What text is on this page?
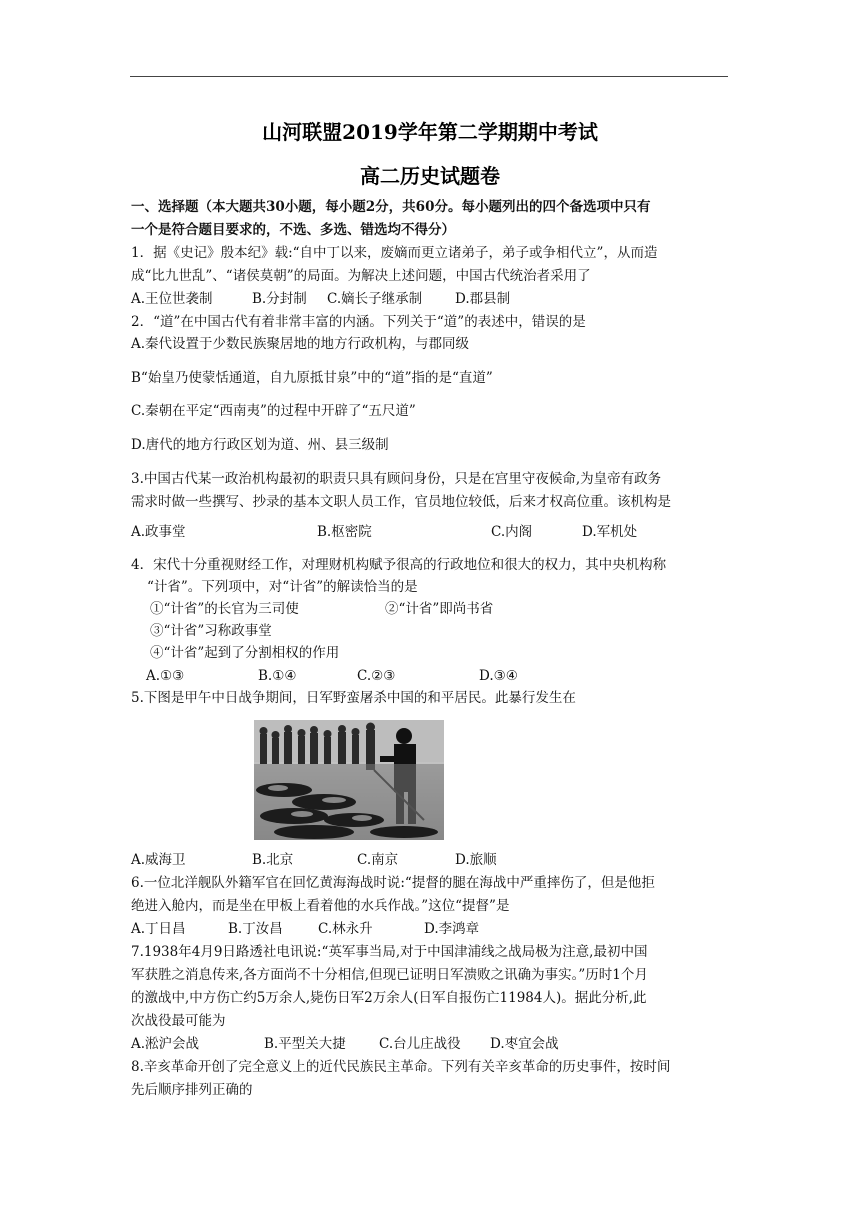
山河联盟2019学年第二学期期中考试
高二历史试题卷
一、选择题（本大题共30小题，每小题2分，共60分。每小题列出的四个备选项中只有
一个是符合题目要求的，不选、多选、错选均不得分）
1．据《史记》殷本纪》载:“自中丁以来，废嫡而更立诸弟子，弟子或争相代立”，从而造
成“比九世乱”、“诸侯莫朝”的局面。为解决上述问题，中国古代统治者采用了
A.王位世袭制	B.分封制 C.嫡长子继承制 D.郡县制
2．“道”在中国古代有着非常丰富的内涵。下列关于“道”的表述中，错误的是
A.秦代设置于少数民族聚居地的地方行政机构，与郡同级
B“始皇乃使蒙恬通道，自九原抵甘泉”中的“道”指的是“直道”
C.秦朝在平定“西南夷”的过程中开辟了“五尺道”
D.唐代的地方行政区划为道、州、县三级制
3.中国古代某一政治机构最初的职责只具有顾问身份，只是在宫里守夜候命,为皇帝有政务
需求时做一些撰写、抄录的基本文职人员工作，官员地位较低，后来才权高位重。该机构是
A.政事堂	B.枢密院	C.内阁	D.军机处
4．宋代十分重视财经工作，对理财机构赋予很高的行政地位和很大的权力，其中央机构称
“计省”。下列项中，对“计省”的解读恰当的是
①“计省”的长官为三司使	②“计省”即尚书省
③“计省”习称政事堂
④“计省”起到了分割相权的作用
A.①③	B.①④	C.②③	D.③④
5.下图是甲午中日战争期间，日军野蛮屠杀中国的和平居民。此暴行发生在
A.威海卫	B.北京	C.南京	D.旅顺
6.一位北洋舰队外籍军官在回忆黄海海战时说:“提督的腿在海战中严重摔伤了，但是他拒
绝进入舱内，而是坐在甲板上看着他的水兵作战。”这位“提督”是
A.丁日昌	B.丁汝昌	C.林永升	D.李鸿章
7.1938年4月9日路透社电讯说:“英军事当局,对于中国津浦线之战局极为注意,最初中国
军获胜之消息传来,各方面尚不十分相信,但现已证明日军溃败之讯确为事实。”历时1个月
的激战中,中方伤亡约5万余人,毙伤日军2万余人(日军自报伤亡11984人)。据此分析,此
次战役最可能为
A.淞沪会战	B.平型关大捷 C.台儿庄战役 D.枣宜会战
8.辛亥革命开创了完全意义上的近代民族民主革命。下列有关辛亥革命的历史事件，按时间
先后顺序排列正确的
